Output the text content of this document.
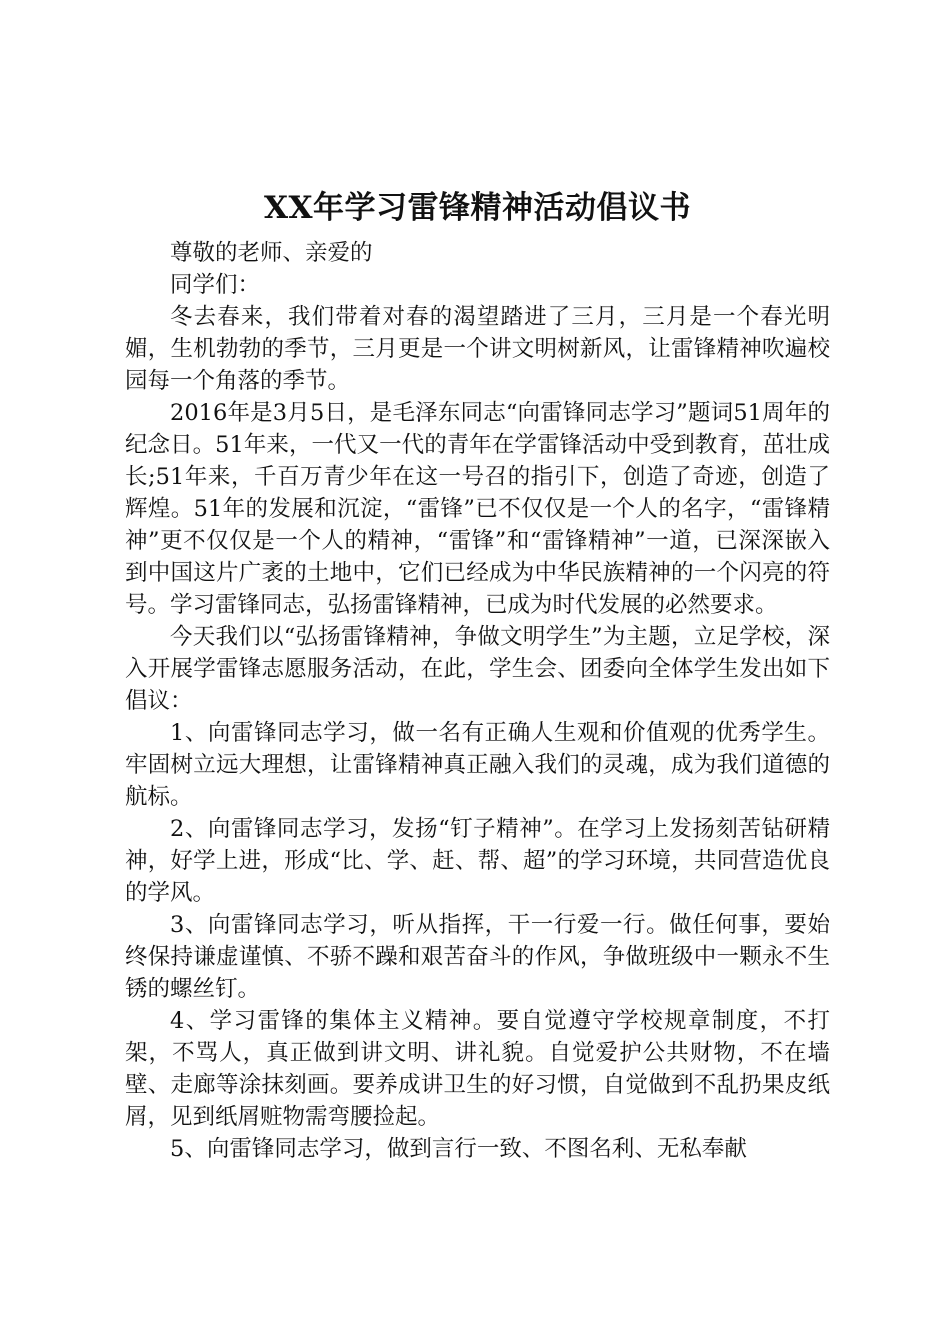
XX年学习雷锋精神活动倡议书

尊敬的老师、亲爱的

同学们：

冬去春来，我们带着对春的渴望踏进了三月，三月是一个春光明媚，生机勃勃的季节，三月更是一个讲文明树新风，让雷锋精神吹遍校园每一个角落的季节。

2016年是3月5日，是毛泽东同志“向雷锋同志学习”题词51周年的纪念日。51年来，一代又一代的青年在学雷锋活动中受到教育，茁壮成长;51年来，千百万青少年在这一号召的指引下，创造了奇迹，创造了辉煌。51年的发展和沉淀，“雷锋”已不仅仅是一个人的名字，“雷锋精神”更不仅仅是一个人的精神，“雷锋”和“雷锋精神”一道，已深深嵌入到中国这片广袤的土地中，它们已经成为中华民族精神的一个闪亮的符号。学习雷锋同志，弘扬雷锋精神，已成为时代发展的必然要求。

今天我们以“弘扬雷锋精神，争做文明学生”为主题，立足学校，深入开展学雷锋志愿服务活动，在此，学生会、团委向全体学生发出如下倡议：

1、向雷锋同志学习，做一名有正确人生观和价值观的优秀学生。牢固树立远大理想，让雷锋精神真正融入我们的灵魂，成为我们道德的航标。

2、向雷锋同志学习，发扬“钉子精神”。在学习上发扬刻苦钻研精神，好学上进，形成“比、学、赶、帮、超”的学习环境，共同营造优良的学风。

3、向雷锋同志学习，听从指挥，干一行爱一行。做任何事，要始终保持谦虚谨慎、不骄不躁和艰苦奋斗的作风，争做班级中一颗永不生锈的螺丝钉。

4、学习雷锋的集体主义精神。要自觉遵守学校规章制度，不打架，不骂人，真正做到讲文明、讲礼貌。自觉爱护公共财物，不在墙壁、走廊等涂抹刻画。要养成讲卫生的好习惯，自觉做到不乱扔果皮纸屑，见到纸屑赃物需弯腰捡起。

5、向雷锋同志学习，做到言行一致、不图名利、无私奉献
